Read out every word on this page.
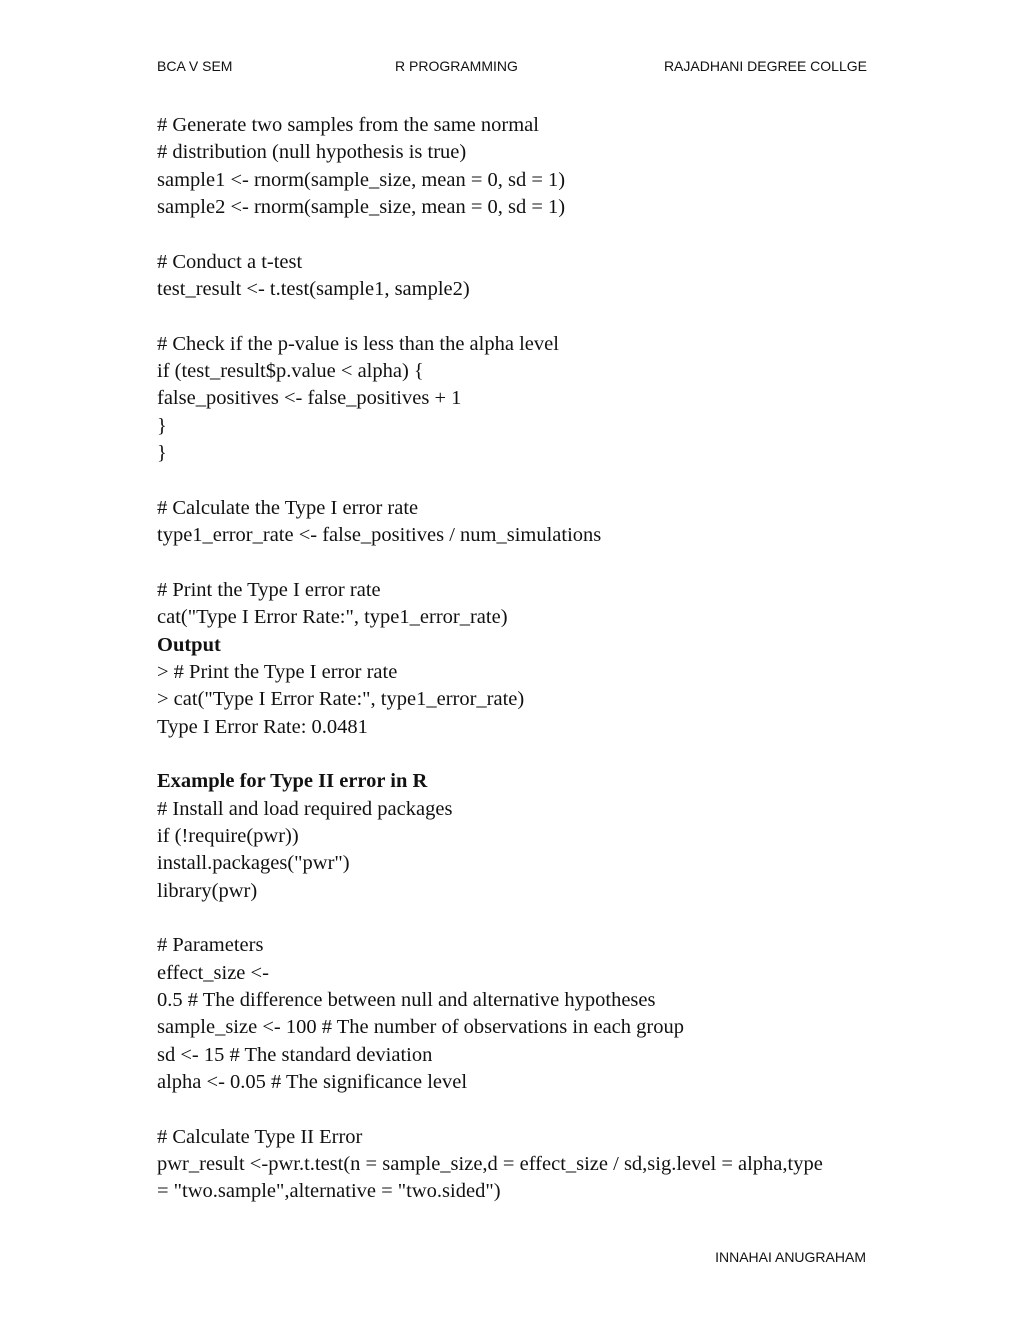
BCA V SEM	R PROGRAMMING	RAJADHANI DEGREE COLLGE
# Generate two samples from the same normal
# distribution (null hypothesis is true)
sample1 <- rnorm(sample_size, mean = 0, sd = 1)
sample2 <- rnorm(sample_size, mean = 0, sd = 1)
# Conduct a t-test
test_result <- t.test(sample1, sample2)
# Check if the p-value is less than the alpha level
if (test_result$p.value < alpha) {
false_positives <- false_positives + 1
}
}
# Calculate the Type I error rate
type1_error_rate <- false_positives / num_simulations
# Print the Type I error rate
cat("Type I Error Rate:", type1_error_rate)
Output
> # Print the Type I error rate
> cat("Type I Error Rate:", type1_error_rate)
Type I Error Rate: 0.0481
Example for Type II error in R
# Install and load required packages
if (!require(pwr))
install.packages("pwr")
library(pwr)
# Parameters
effect_size <-
0.5 # The difference between null and alternative hypotheses
sample_size <- 100 # The number of observations in each group
sd <- 15 # The standard deviation
alpha <- 0.05 # The significance level
# Calculate Type II Error
pwr_result <-pwr.t.test(n = sample_size,d = effect_size / sd,sig.level = alpha,type
= "two.sample",alternative = "two.sided")
INNAHAI ANUGRAHAM
